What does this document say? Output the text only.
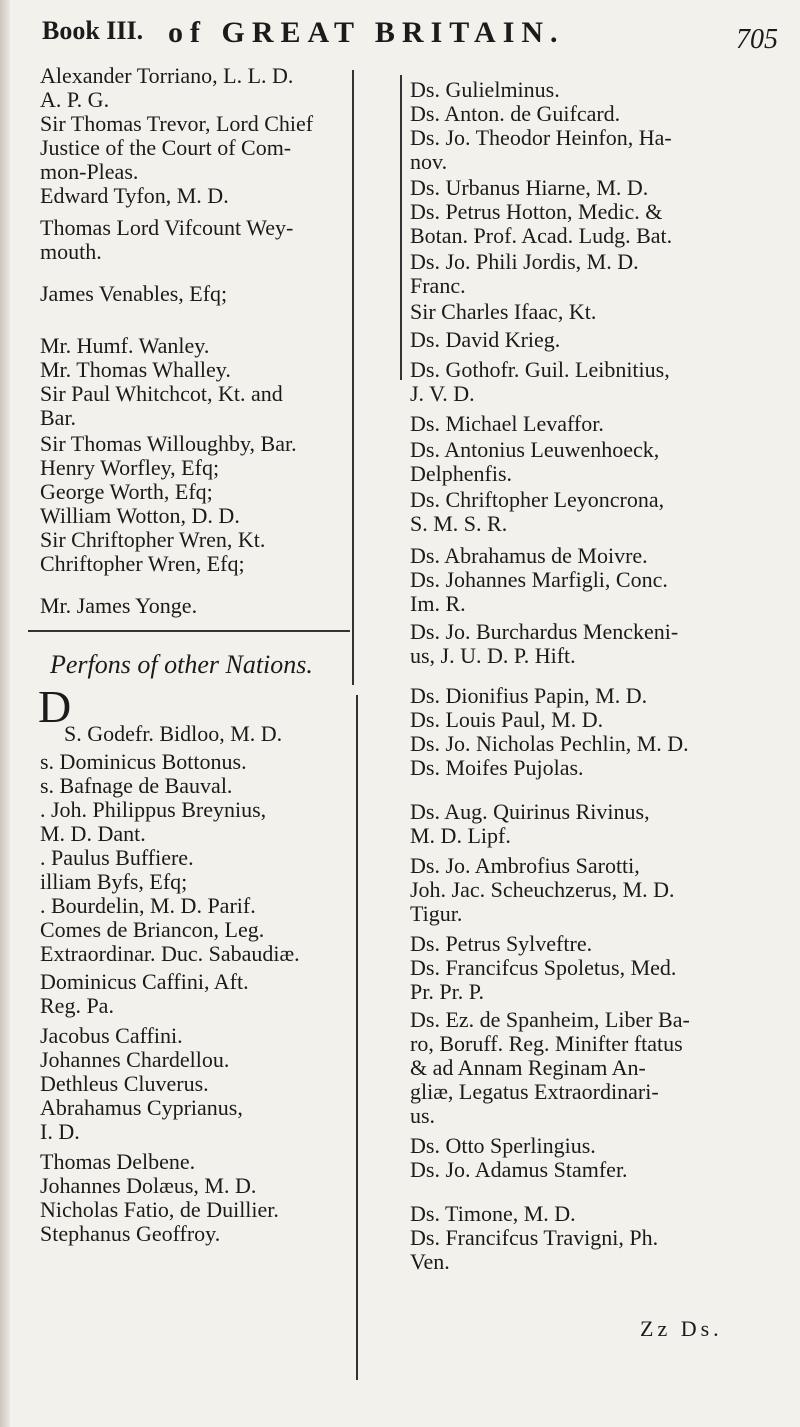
Book III. of GREAT BRITAIN.	705
Alexander Torriano, L. L. D.
A. P. G.
Sir Thomas Trevor, Lord Chief
Justice of the Court of Com-
mon-Pleas.
Edward Tyfon, M. D.
Thomas Lord Vifcount Wey-
mouth.
James Venables, Efq;
Mr. Humf. Wanley.
Mr. Thomas Whalley.
Sir Paul Whitchcot, Kt. and
Bar.
Sir Thomas Willoughby, Bar.
Henry Worfley, Efq;
George Worth, Efq;
William Wotton, D. D.
Sir Chriftopher Wren, Kt.
Chriftopher Wren, Efq;
Mr. James Yonge.
Perfons of other Nations.
D
S. Godefr. Bidloo, M. D.
s. Dominicus Bottonus.
s. Bafnage de Bauval.
. Joh. Philippus Breynius,
M. D. Dant.
. Paulus Buffiere.
illiam Byfs, Efq;
. Bourdelin, M. D. Parif.
Comes de Briancon, Leg.
Extraordinar. Duc. Sabaudiæ.
Dominicus Caffini, Aft.
Reg. Pa.
Jacobus Caffini.
Johannes Chardellou.
Dethleus Cluverus.
Abrahamus Cyprianus,
I. D.
Thomas Delbene.
Johannes Dolæus, M. D.
Nicholas Fatio, de Duillier.
Stephanus Geoffroy.
Ds. Gulielminus.
Ds. Anton. de Guifcard.
Ds. Jo. Theodor Heinfon, Ha-
nov.
Ds. Urbanus Hiarne, M. D.
Ds. Petrus Hotton, Medic. &
Botan. Prof. Acad. Ludg. Bat.
Ds. Jo. Phili Jordis, M. D.
Franc.
Sir Charles Ifaac, Kt.
Ds. David Krieg.
Ds. Gothofr. Guil. Leibnitius,
J. V. D.
Ds. Michael Levaffor.
Ds. Antonius Leuwenhoeck,
Delphenfis.
Ds. Chriftopher Leyoncrona,
S. M. S. R.
Ds. Abrahamus de Moivre.
Ds. Johannes Marfigli, Conc.
Im. R.
Ds. Jo. Burchardus Menckeni-
us, J. U. D. P. Hift.
Ds. Dionifius Papin, M. D.
Ds. Louis Paul, M. D.
Ds. Jo. Nicholas Pechlin, M. D.
Ds. Moifes Pujolas.
Ds. Aug. Quirinus Rivinus,
M. D. Lipf.
Ds. Jo. Ambrofius Sarotti,
Joh. Jac. Scheuchzerus, M. D.
Tigur.
Ds. Petrus Sylveftre.
Ds. Francifcus Spoletus, Med.
Pr. Pr. P.
Ds. Ez. de Spanheim, Liber Ba-
ro, Boruff. Reg. Minifter ftatus
& ad Annam Reginam An-
gliæ, Legatus Extraordinari-
us.
Ds. Otto Sperlingius.
Ds. Jo. Adamus Stamfer.
Ds. Timone, M. D.
Ds. Francifcus Travigni, Ph.
Ven.
Zz Ds.
